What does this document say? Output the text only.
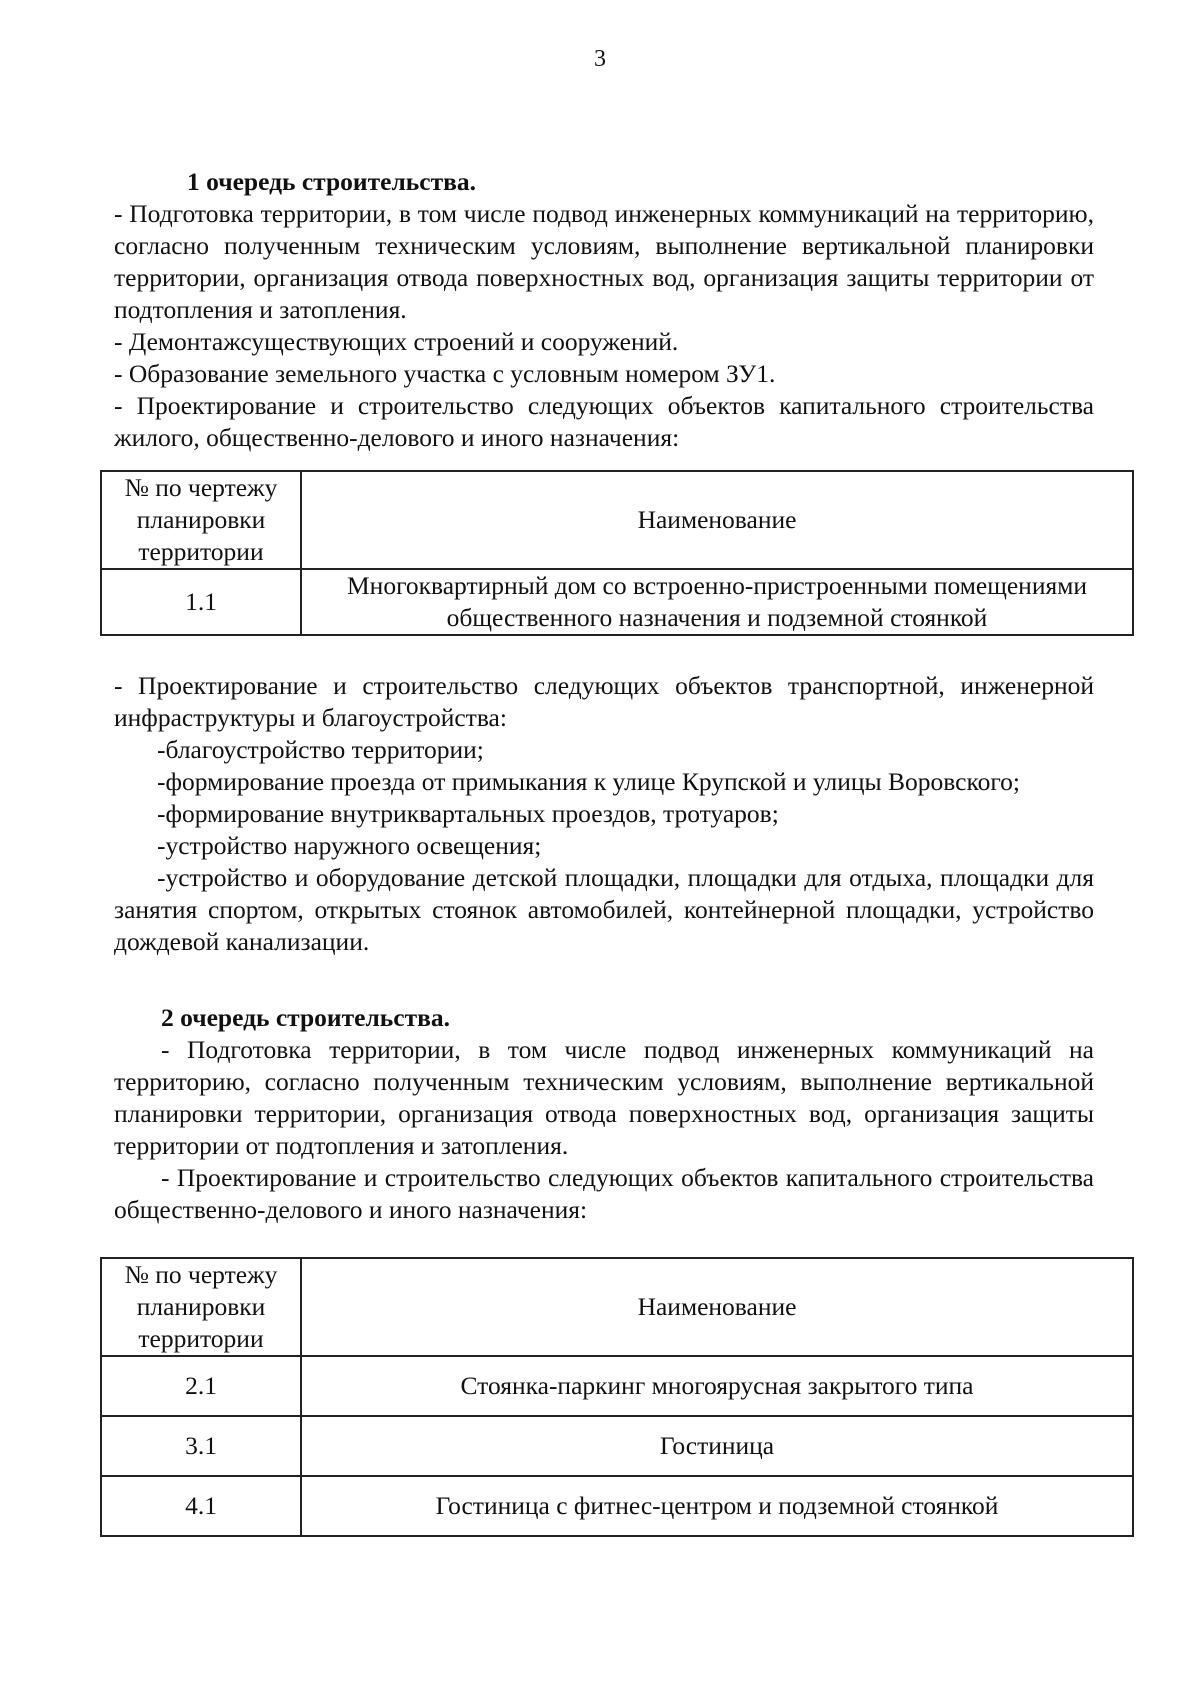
3

1 очередь строительства.

- Подготовка территории, в том числе подвод инженерных коммуникаций на территорию, согласно полученным техническим условиям, выполнение вертикальной планировки территории, организация отвода поверхностных вод, организация защиты территории от подтопления и затопления.

- Демонтажсуществующих строений и сооружений.

- Образование земельного участка с условным номером ЗУ1.

- Проектирование и строительство следующих объектов капитального строительства жилого, общественно-делового и иного назначения:

№ по чертежу планировки территории	Наименование
1.1	Многоквартирный дом со встроенно-пристроенными помещениями общественного назначения и подземной стоянкой

- Проектирование и строительство следующих объектов транспортной, инженерной инфраструктуры и благоустройства:

-благоустройство территории;

-формирование проезда от примыкания к улице Крупской и улицы Воровского;

-формирование внутриквартальных проездов, тротуаров;

-устройство наружного освещения;

-устройство и оборудование детской площадки, площадки для отдыха, площадки для занятия спортом, открытых стоянок автомобилей, контейнерной площадки, устройство дождевой канализации.

2 очередь строительства.

- Подготовка территории, в том числе подвод инженерных коммуникаций на территорию, согласно полученным техническим условиям, выполнение вертикальной планировки территории, организация отвода поверхностных вод, организация защиты территории от подтопления и затопления.

- Проектирование и строительство следующих объектов капитального строительства общественно-делового и иного назначения:

№ по чертежу планировки территории	Наименование
2.1	Стоянка-паркинг многоярусная закрытого типа
3.1	Гостиница
4.1	Гостиница с фитнес-центром и подземной стоянкой
